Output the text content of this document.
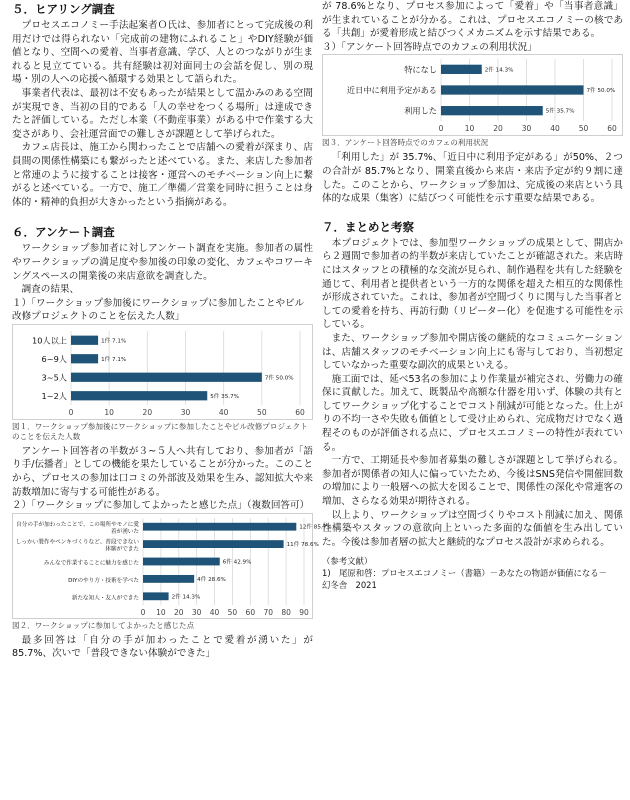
５．ヒアリング調査

プロセスエコノミー手法起案者Ｏ氏は、参加者にとって完成後の利用だけでは得られない「完成前の建物にふれること」やDIY経験が価値となり、空間への愛着、当事者意識、学び、人とのつながりが生まれると見立てている。共有経験は初対面同士の会話を促し、別の現場・別の人への応援へ循環する効果として語られた。

事業者代表は、最初は不安もあったが結果として温かみのある空間が実現でき、当初の目的である「人の幸せをつくる場所」は達成できたと評価している。ただし本業（不動産事業）がある中で作業する大変さがあり、会社運営面での難しさが課題として挙げられた。

カフェ店長は、施工から関わったことで店舗への愛着が深まり、店員間の関係性構築にも繋がったと述べている。また、来店した参加者と常連のように接することは接客・運営へのモチベーション向上に繋がると述べている。一方で、施工／準備／営業を同時に担うことは身体的・精神的負担が大きかったという指摘がある。

６．アンケート調査

ワークショップ参加者に対しアンケート調査を実施。参加者の属性やワークショップの満足度や参加後の印象の変化、カフェやコワーキングスペースの開業後の来店意欲を調査した。

調査の結果、

１）「ワークショップ参加後にワークショップに参加したことやビル改修プロジェクトのことを伝えた人数」

0	10	20	30	40	50	60
1件 7.1%
10人以上
1件 7.1%
6~9人
7件 50.0%
3~5人
5件 35.7%
1~2人
図１．ワークショップ参加後にワークショップに参加したことやビル改修プロジェクトのことを伝えた人数

アンケート回答者の半数が３~５人へ共有しており、参加者が「語り手/伝播者」としての機能を果たしていることが分かった。このことから、プロセスの参加は口コミの外部波及効果を生み、認知拡大や来訪数増加に寄与する可能性がある。

２）「ワークショップに参加してよかったと感じた点」（複数回答可）

0 10 20 30 40 50 60 70 80 90
12件 85.7%
自分の手が加わったことで、この場所やモノに愛
着が湧いた
11件 78.6%
しっかい製作やペンキづくりなど、普段できない
体験ができた
6件 42.9%
みんなで作業することに魅力を感じた
4件 28.6%
DIYのやり方・技術を学べた
2件 14.3%
新たな知人・友人ができた
図２．ワークショップに参加してよかったと感じた点

最多回答は「自分の手が加わったことで愛着が湧いた」が 85.7%、次いで「普段できない体験ができた」

が 78.6%となり、プロセス参加によって「愛着」や「当事者意識」が生まれていることが分かる。これは、プロセスエコノミーの核である「共創」が愛着形成と結びつくメカニズムを示す結果である。

３）「アンケート回答時点でのカフェの利用状況」

0	10	20	30	40	50	60
2件 14.3%
特になし
7件 50.0%
近日中に利用予定がある
5件 35.7%
利用した
図３．アンケート回答時点でのカフェの利用状況

「利用した」が 35.7%、「近日中に利用予定がある」が50%、２つの合計が 85.7%となり、開業直後から来店・来店予定が約９割に達した。このことから、ワークショップ参加は、完成後の来店という具体的な成果（集客）に結びつく可能性を示す重要な結果である。

７．まとめと考察

本プロジェクトでは、参加型ワークショップの成果として、開店から２週間で参加者の約半数が来店していたことが確認された。来店時にはスタッフとの積極的な交流が見られ、制作過程を共有した経験を通じて、利用者と提供者という一方的な関係を超えた相互的な関係性が形成されていた。これは、参加者が空間づくりに関与した当事者としての愛着を持ち、再訪行動（リピーター化）を促進する可能性を示している。

また、ワークショップ参加や開店後の継続的なコミュニケーションは、店舗スタッフのモチベーション向上にも寄与しており、当初想定していなかった重要な副次的成果といえる。

施工面では、延べ53名の参加により作業量が補完され、労働力の確保に貢献した。加えて、既製品や高額な什器を用いず、体験の共有としてワークショップ化することでコスト削減が可能となった。仕上がりの不均一さや失敗も価値として受け止められ、完成物だけでなく過程そのものが評価される点に、プロセスエコノミーの特性が表れている。

一方で、工期延長や参加者募集の難しさが課題として挙げられる。参加者が関係者の知人に偏っていたため、今後はSNS発信や開催回数の増加により一般層への拡大を図ることで、関係性の深化や常連客の増加、さらなる効果が期待される。

以上より、ワークショップは空間づくりやコスト削減に加え、関係性構築やスタッフの意欲向上といった多面的な価値を生み出していた。今後は参加者層の拡大と継続的なプロセス設計が求められる。

（参考文献）

1)　尾原和啓：プロセスエコノミー（書籍）－あなたの物語が価値になる－　幻冬舎　2021
